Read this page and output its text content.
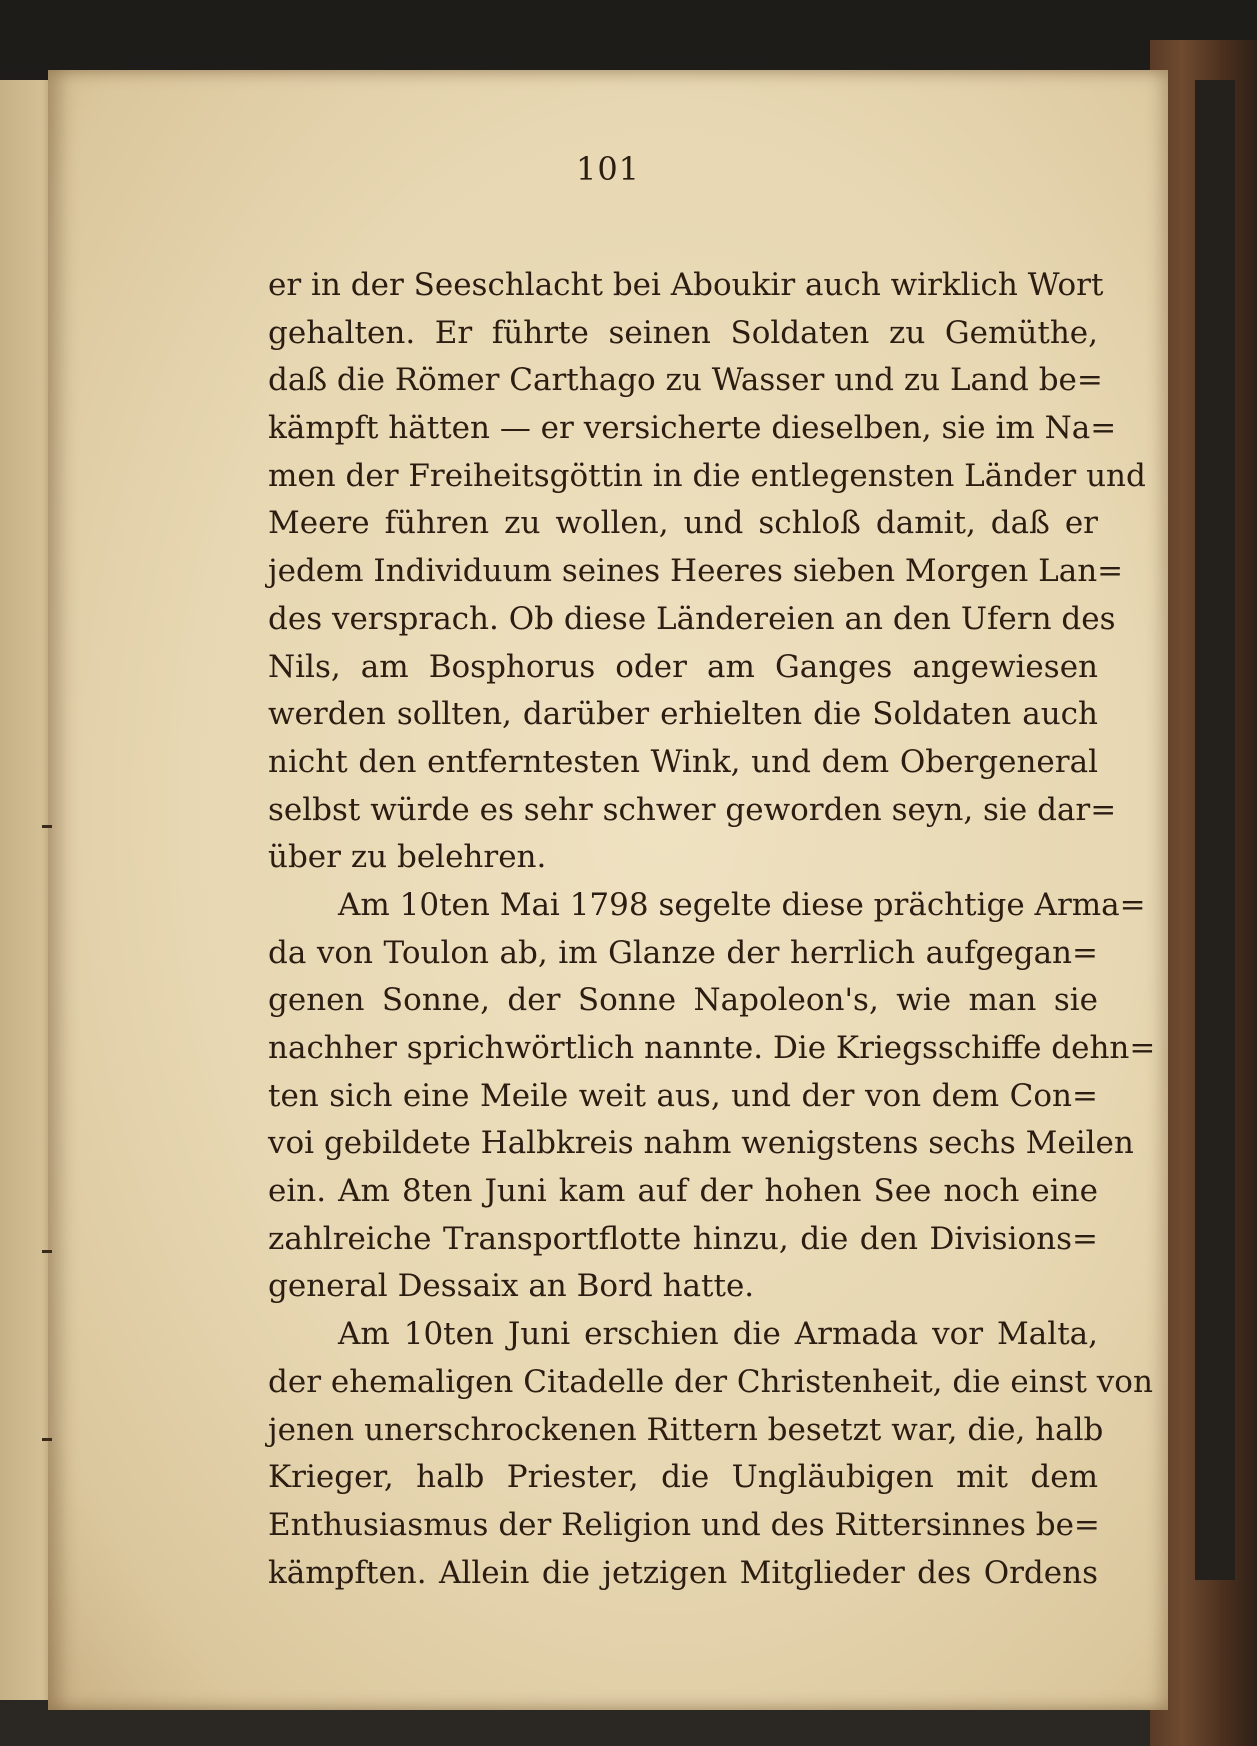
101
er in der Seeschlacht bei Aboukir auch wirklich Wort
gehalten. Er führte seinen Soldaten zu Gemüthe,
daß die Römer Carthago zu Wasser und zu Land be=
kämpft hätten — er versicherte dieselben, sie im Na=
men der Freiheitsgöttin in die entlegensten Länder und
Meere führen zu wollen, und schloß damit, daß er
jedem Individuum seines Heeres sieben Morgen Lan=
des versprach. Ob diese Ländereien an den Ufern des
Nils, am Bosphorus oder am Ganges angewiesen
werden sollten, darüber erhielten die Soldaten auch
nicht den entferntesten Wink, und dem Obergeneral
selbst würde es sehr schwer geworden seyn, sie dar=
über zu belehren.
Am 10ten Mai 1798 segelte diese prächtige Arma=
da von Toulon ab, im Glanze der herrlich aufgegan=
genen Sonne, der Sonne Napoleon's, wie man sie
nachher sprichwörtlich nannte. Die Kriegsschiffe dehn=
ten sich eine Meile weit aus, und der von dem Con=
voi gebildete Halbkreis nahm wenigstens sechs Meilen
ein. Am 8ten Juni kam auf der hohen See noch eine
zahlreiche Transportflotte hinzu, die den Divisions=
general Dessaix an Bord hatte.
Am 10ten Juni erschien die Armada vor Malta,
der ehemaligen Citadelle der Christenheit, die einst von
jenen unerschrockenen Rittern besetzt war, die, halb
Krieger, halb Priester, die Ungläubigen mit dem
Enthusiasmus der Religion und des Rittersinnes be=
kämpften. Allein die jetzigen Mitglieder des Ordens
